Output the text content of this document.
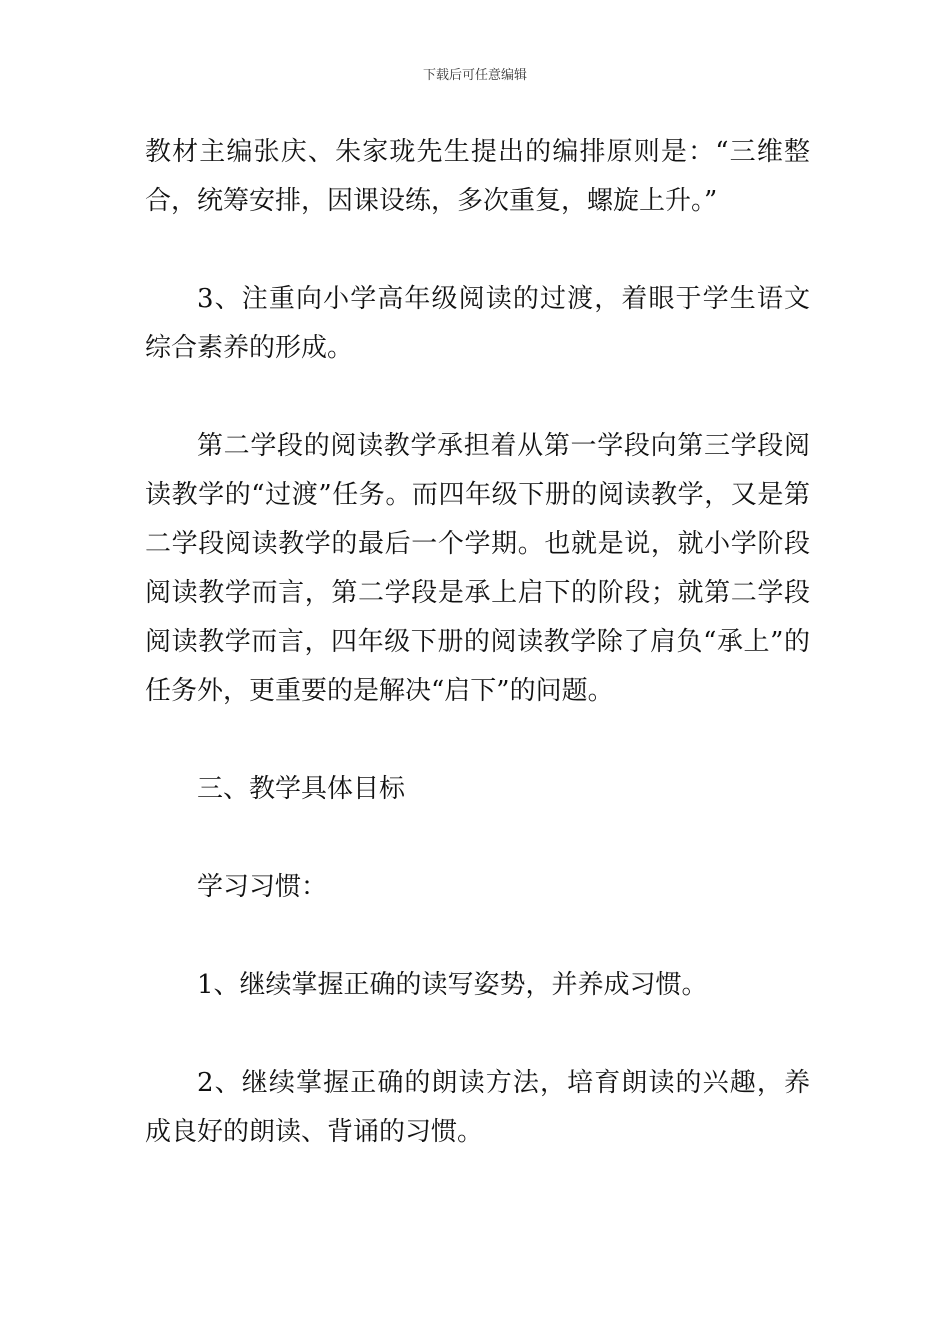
下载后可任意编辑

教材主编张庆、朱家珑先生提出的编排原则是：“三维整合，统筹安排，因课设练，多次重复，螺旋上升。”

3、注重向小学高年级阅读的过渡，着眼于学生语文综合素养的形成。

第二学段的阅读教学承担着从第一学段向第三学段阅读教学的“过渡”任务。而四年级下册的阅读教学，又是第二学段阅读教学的最后一个学期。也就是说，就小学阶段阅读教学而言，第二学段是承上启下的阶段；就第二学段阅读教学而言，四年级下册的阅读教学除了肩负“承上”的任务外，更重要的是解决“启下”的问题。

三、教学具体目标

学习习惯：

1、继续掌握正确的读写姿势，并养成习惯。

2、继续掌握正确的朗读方法，培育朗读的兴趣，养成良好的朗读、背诵的习惯。
